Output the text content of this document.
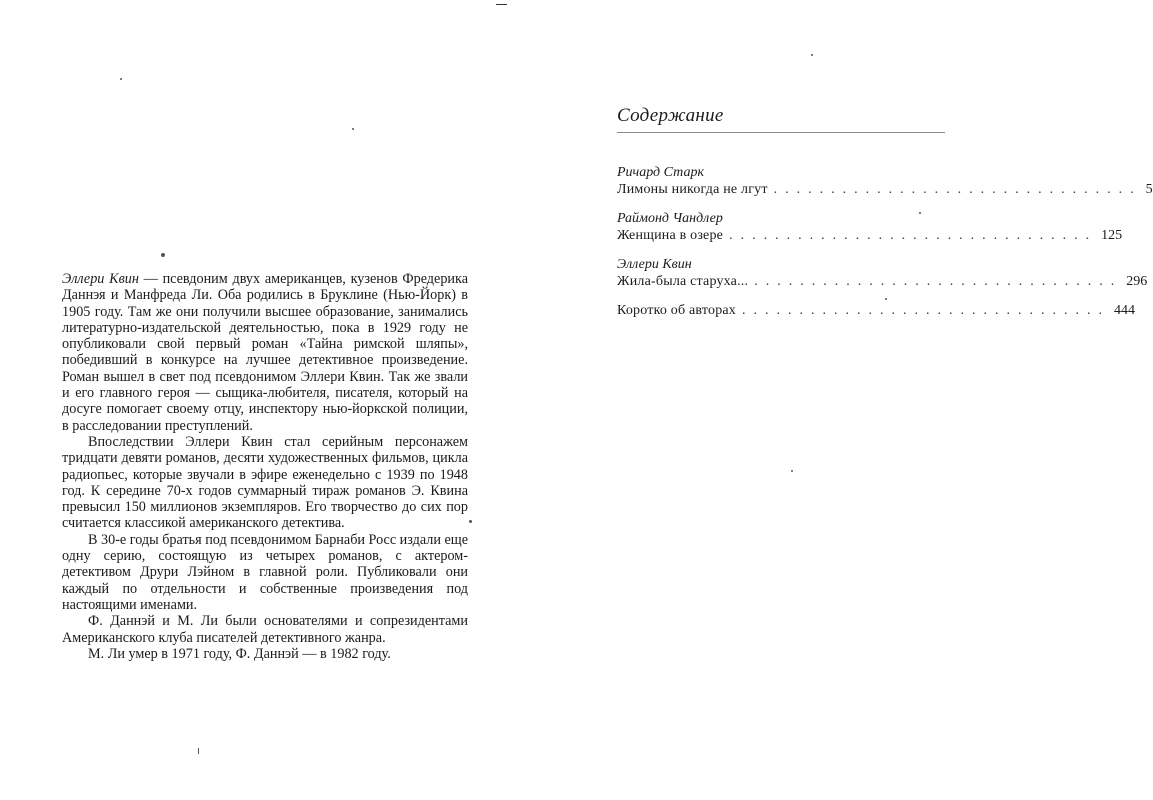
Эллери Квин — псевдоним двух американцев, кузенов Фредерика Даннэя и Манфреда Ли. Оба родились в Бруклине (Нью-Йорк) в 1905 году. Там же они получили высшее образование, занимались литературно-издательской деятельностью, пока в 1929 году не опубликовали свой первый роман «Тайна римской шляпы», победивший в конкурсе на лучшее детективное произведение. Роман вышел в свет под псевдонимом Эллери Квин. Так же звали и его главного героя — сыщика-любителя, писателя, который на досуге помогает своему отцу, инспектору нью-йоркской полиции, в расследовании преступлений.

Впоследствии Эллери Квин стал серийным персонажем тридцати девяти романов, десяти художественных фильмов, цикла радиопьес, которые звучали в эфире еженедельно с 1939 по 1948 год. К середине 70-х годов суммарный тираж романов Э. Квина превысил 150 миллионов экземпляров. Его творчество до сих пор считается классикой американского детектива.

В 30-е годы братья под псевдонимом Барнаби Росс издали еще одну серию, состоящую из четырех романов, с актером-детективом Друри Лэйном в главной роли. Публиковали они каждый по отдельности и собственные произведения под настоящими именами.

Ф. Даннэй и М. Ли были основателями и сопрезидентами Американского клуба писателей детективного жанра.

М. Ли умер в 1971 году, Ф. Даннэй — в 1982 году.

Содержание
Ричард Старк
Лимоны никогда не лгут ................................ 5
Раймонд Чандлер
Женщина в озере ................................ 125
Эллери Квин
Жила-была старуха... ................................ 296
Коротко об авторах ................................ 444
